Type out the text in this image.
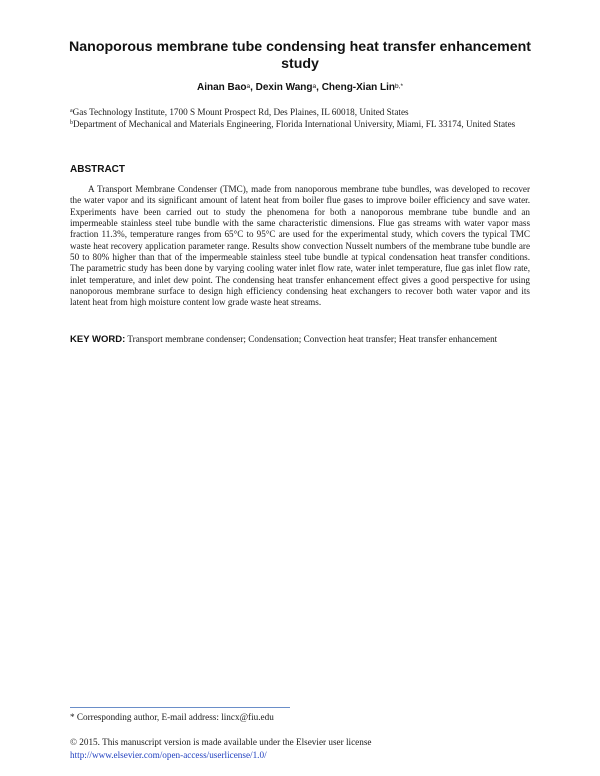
Nanoporous membrane tube condensing heat transfer enhancement study
Ainan Bao$^a$, Dexin Wang$^a$, Cheng-Xian Lin$^{b,*}$
$^a$Gas Technology Institute, 1700 S Mount Prospect Rd, Des Plaines, IL 60018, United States
$^b$Department of Mechanical and Materials Engineering, Florida International University, Miami, FL 33174, United States
ABSTRACT
A Transport Membrane Condenser (TMC), made from nanoporous membrane tube bundles, was developed to recover the water vapor and its significant amount of latent heat from boiler flue gases to improve boiler efficiency and save water. Experiments have been carried out to study the phenomena for both a nanoporous membrane tube bundle and an impermeable stainless steel tube bundle with the same characteristic dimensions. Flue gas streams with water vapor mass fraction 11.3%, temperature ranges from 65°C to 95°C are used for the experimental study, which covers the typical TMC waste heat recovery application parameter range. Results show convection Nusselt numbers of the membrane tube bundle are 50 to 80% higher than that of the impermeable stainless steel tube bundle at typical condensation heat transfer conditions. The parametric study has been done by varying cooling water inlet flow rate, water inlet temperature, flue gas inlet flow rate, inlet temperature, and inlet dew point. The condensing heat transfer enhancement effect gives a good perspective for using nanoporous membrane surface to design high efficiency condensing heat exchangers to recover both water vapor and its latent heat from high moisture content low grade waste heat streams.
KEY WORD: Transport membrane condenser; Condensation; Convection heat transfer; Heat transfer enhancement
* Corresponding author, E-mail address: lincx@fiu.edu
© 2015. This manuscript version is made available under the Elsevier user license
http://www.elsevier.com/open-access/userlicense/1.0/
